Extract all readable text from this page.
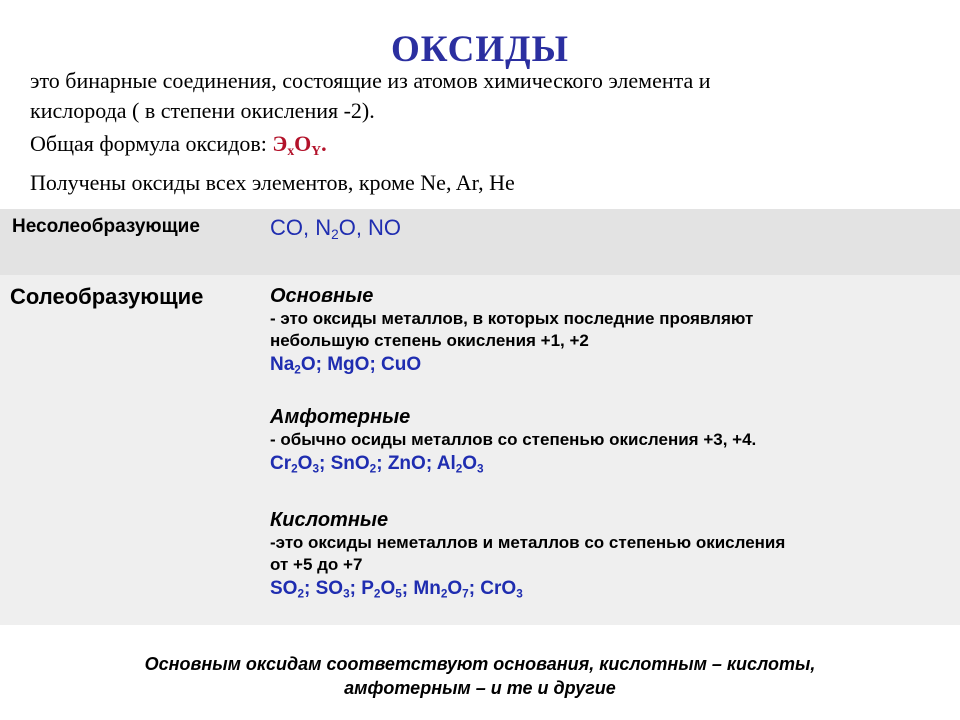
ОКСИДЫ

это бинарные соединения, состоящие из атомов химического элемента и

кислорода ( в степени окисления -2).

Общая формула оксидов: $Э_xO_Y$.

Получены оксиды всех элементов, кроме Ne, Ar, He

Несолеобразующие	CO, $N_2O$, NO
Солеобразующие	Основные
- это оксиды металлов, в которых последние проявляют
небольшую степень окисления +1, +2
$Na_2O$; MgO; CuO
Амфотерные
- обычно осиды металлов со степенью окисления +3, +4.
$Cr_2O_3$; SnO$_2$; ZnO; $Al_2O_3$
Кислотные
-это оксиды неметаллов и металлов со степенью окисления
от +5 до +7
$SO_2$; $SO_3$; $P_2O_5$; $Mn_2O_7$; CrO$_3$
Основным оксидам соответствуют основания, кислотным – кислоты,
амфотерным – и те и другие
